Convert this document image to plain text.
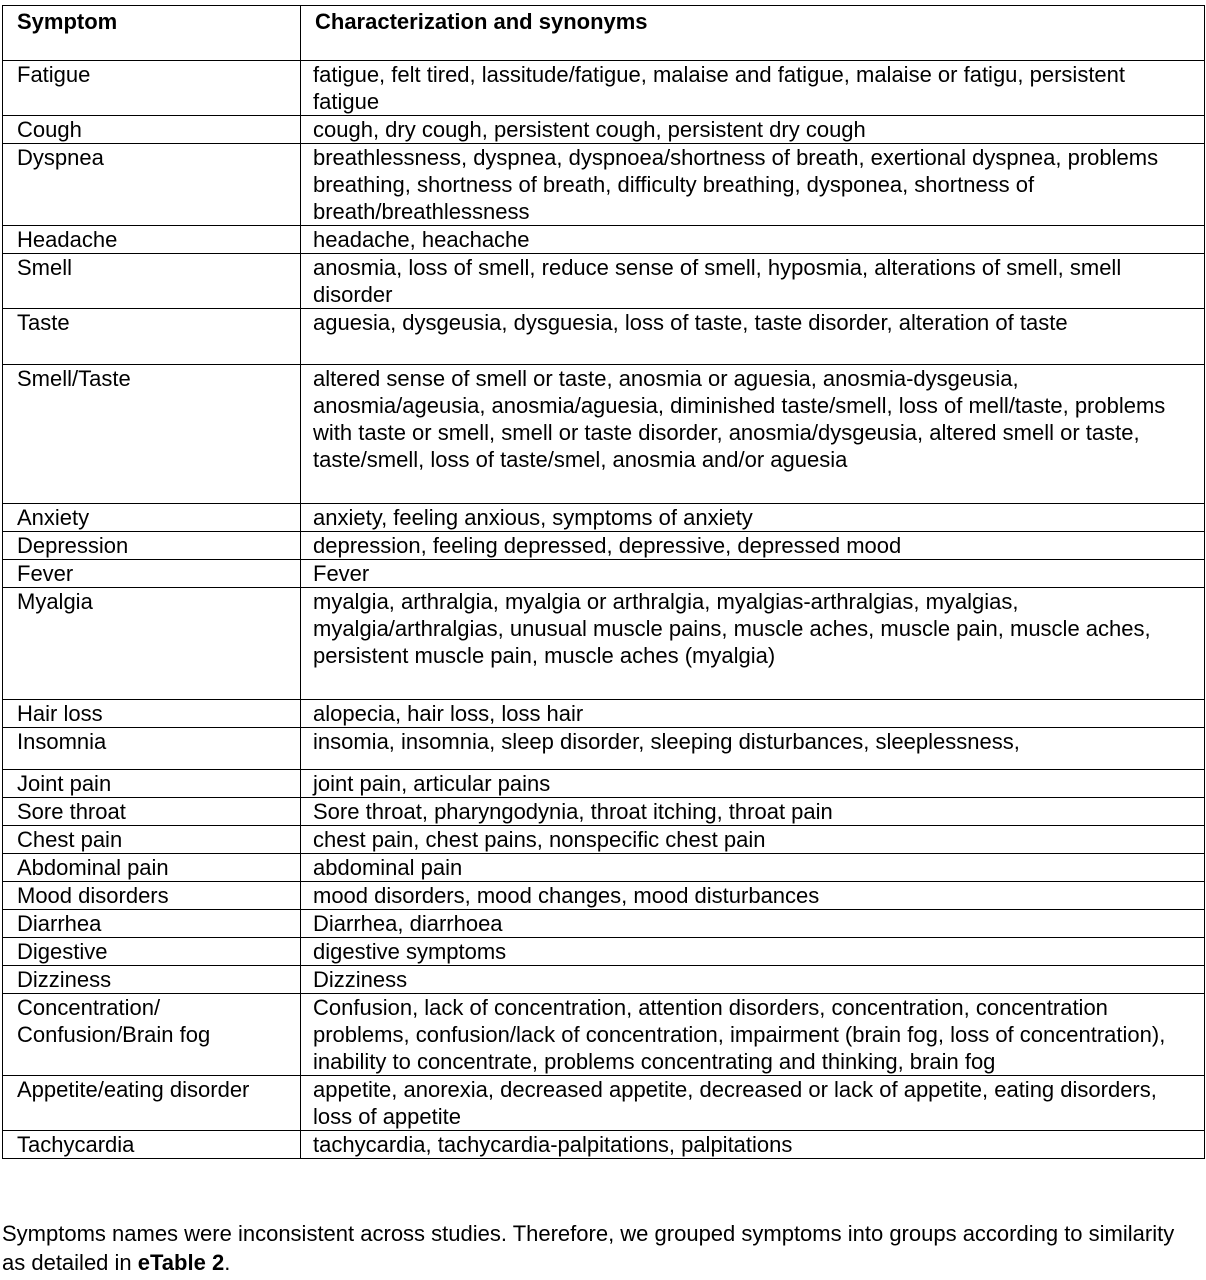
Symptom	Characterization and synonyms
Fatigue	fatigue, felt tired, lassitude/fatigue, malaise and fatigue, malaise or fatigu, persistent fatigue
Cough	cough, dry cough, persistent cough, persistent dry cough
Dyspnea	breathlessness, dyspnea, dyspnoea/shortness of breath, exertional dyspnea, problems breathing, shortness of breath, difficulty breathing, dysponea, shortness of breath/breathlessness
Headache	headache, heachache
Smell	anosmia, loss of smell, reduce sense of smell, hyposmia, alterations of smell, smell disorder
Taste	aguesia, dysgeusia, dysguesia, loss of taste, taste disorder, alteration of taste
Smell/Taste	altered sense of smell or taste, anosmia or aguesia, anosmia-dysgeusia, anosmia/ageusia, anosmia/aguesia, diminished taste/smell, loss of mell/taste, problems with taste or smell, smell or taste disorder, anosmia/dysgeusia, altered smell or taste, taste/smell, loss of taste/smel, anosmia and/or aguesia
Anxiety	anxiety, feeling anxious, symptoms of anxiety
Depression	depression, feeling depressed, depressive, depressed mood
Fever	Fever
Myalgia	myalgia, arthralgia, myalgia or arthralgia, myalgias-arthralgias, myalgias, myalgia/arthralgias, unusual muscle pains, muscle aches, muscle pain, muscle aches, persistent muscle pain, muscle aches (myalgia)
Hair loss	alopecia, hair loss, loss hair
Insomnia	insomia, insomnia, sleep disorder, sleeping disturbances, sleeplessness,
Joint pain	joint pain, articular pains
Sore throat	Sore throat, pharyngodynia, throat itching, throat pain
Chest pain	chest pain, chest pains, nonspecific chest pain
Abdominal pain	abdominal pain
Mood disorders	mood disorders, mood changes, mood disturbances
Diarrhea	Diarrhea, diarrhoea
Digestive	digestive symptoms
Dizziness	Dizziness
Concentration/ Confusion/Brain fog	Confusion, lack of concentration, attention disorders, concentration, concentration problems, confusion/lack of concentration, impairment (brain fog, loss of concentration), inability to concentrate, problems concentrating and thinking, brain fog
Appetite/eating disorder	appetite, anorexia, decreased appetite, decreased or lack of appetite, eating disorders, loss of appetite
Tachycardia	tachycardia, tachycardia-palpitations, palpitations
Symptoms names were inconsistent across studies. Therefore, we grouped symptoms into groups according to similarity as detailed in eTable 2.
